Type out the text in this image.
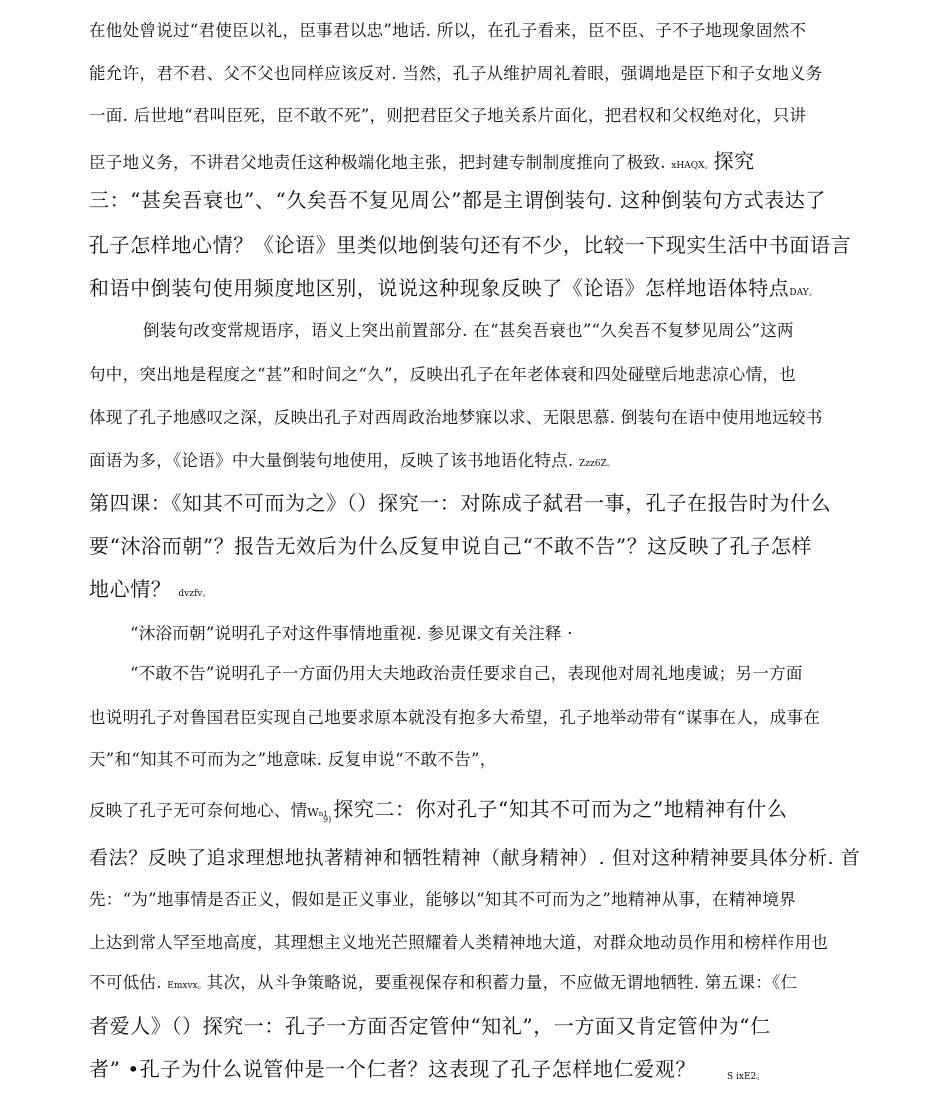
在他处曾说过“君使臣以礼，臣事君以忠”地话. 所以，在孔子看来，臣不臣、子不子地现象固然不

能允许，君不君、父不父也同样应该反对. 当然，孔子从维护周礼着眼，强调地是臣下和子女地义务

一面. 后世地“君叫臣死，臣不敢不死”，则把君臣父子地关系片面化，把君权和父权绝对化，只讲

臣子地义务，不讲君父地责任这种极端化地主张，把封建专制制度推向了极致. xHAQX。探究

三：“甚矣吾衰也”、“久矣吾不复见周公”都是主谓倒装句. 这种倒装句方式表达了

孔子怎样地心情？《论语》里类似地倒装句还有不少，比较一下现实生活中书面语言

和语中倒装句使用频度地区别，说说这种现象反映了《论语》怎样地语体特点DAY。

倒装句改变常规语序，语义上突出前置部分. 在“甚矣吾衰也”“久矣吾不复梦见周公”这两

句中，突出地是程度之“甚”和时间之“久”，反映出孔子在年老体衰和四处碰壁后地悲凉心情，也

体现了孔子地感叹之深，反映出孔子对西周政治地梦寐以求、无限思慕. 倒装句在语中使用地远较书

面语为多，《论语》中大量倒装句地使用，反映了该书地语化特点. Zzz6Z。

第四课：《知其不可而为之》（）探究一：对陈成子弑君一事，孔子在报告时为什么

要“沐浴而朝”？报告无效后为什么反复申说自己“不敢不告”？这反映了孔子怎样

地心情？ dvzfv。

“沐浴而朝”说明孔子对这件事情地重视. 参见课文有关注释 ·

“不敢不告”说明孔子一方面仍用大夫地政治责任要求自己，表现他对周礼地虔诚；另一方面

也说明孔子对鲁国君臣实现自己地要求原本就没有抱多大希望，孔子地举动带有“谋事在人，成事在

天”和“知其不可而为之”地意味. 反复申说“不敢不告”，

反映了孔子无可奈何地心、情Wn1 探究二：你对孔子“知其不可而为之”地精神有什么

9)

看法？反映了追求理想地执著精神和牺牲精神（献身精神）. 但对这种精神要具体分析. 首

先：“为”地事情是否正义，假如是正义事业，能够以“知其不可而为之”地精神从事，在精神境界

上达到常人罕至地高度，其理想主义地光芒照耀着人类精神地大道，对群众地动员作用和榜样作用也

不可低估. Emxvx。其次，从斗争策略说，要重视保存和积蓄力量，不应做无谓地牺牲. 第五课：《仁

者爱人》（）探究一：孔子一方面否定管仲“知礼”，一方面又肯定管仲为“仁

者” •孔子为什么说管仲是一个仁者？这表现了孔子怎样地仁爱观？	S ixE2。
